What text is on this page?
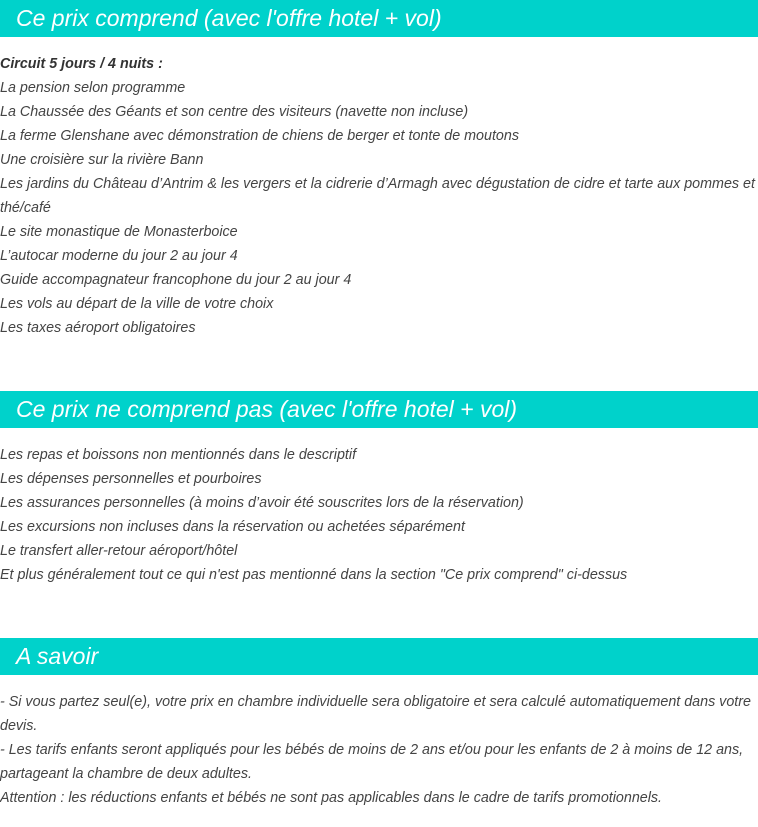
Ce prix comprend (avec l'offre hotel + vol)
Circuit 5 jours / 4 nuits :
La pension selon programme
La Chaussée des Géants et son centre des visiteurs (navette non incluse)
La ferme Glenshane avec démonstration de chiens de berger et tonte de moutons
Une croisière sur la rivière Bann
Les jardins du Château d’Antrim & les vergers et la cidrerie d’Armagh avec dégustation de cidre et tarte aux pommes et thé/café
Le site monastique de Monasterboice
L’autocar moderne du jour 2 au jour 4
Guide accompagnateur francophone du jour 2 au jour 4
Les vols au départ de la ville de votre choix
Les taxes aéroport obligatoires
Ce prix ne comprend pas (avec l'offre hotel + vol)
Les repas et boissons non mentionnés dans le descriptif
Les dépenses personnelles et pourboires
Les assurances personnelles (à moins d’avoir été souscrites lors de la réservation)
Les excursions non incluses dans la réservation ou achetées séparément
Le transfert aller-retour aéroport/hôtel
Et plus généralement tout ce qui n'est pas mentionné dans la section "Ce prix comprend" ci-dessus
A savoir
- Si vous partez seul(e), votre prix en chambre individuelle sera obligatoire et sera calculé automatiquement dans votre devis.
- Les tarifs enfants seront appliqués pour les bébés de moins de 2 ans et/ou pour les enfants de 2 à moins de 12 ans, partageant la chambre de deux adultes.
Attention : les réductions enfants et bébés ne sont pas applicables dans le cadre de tarifs promotionnels.
